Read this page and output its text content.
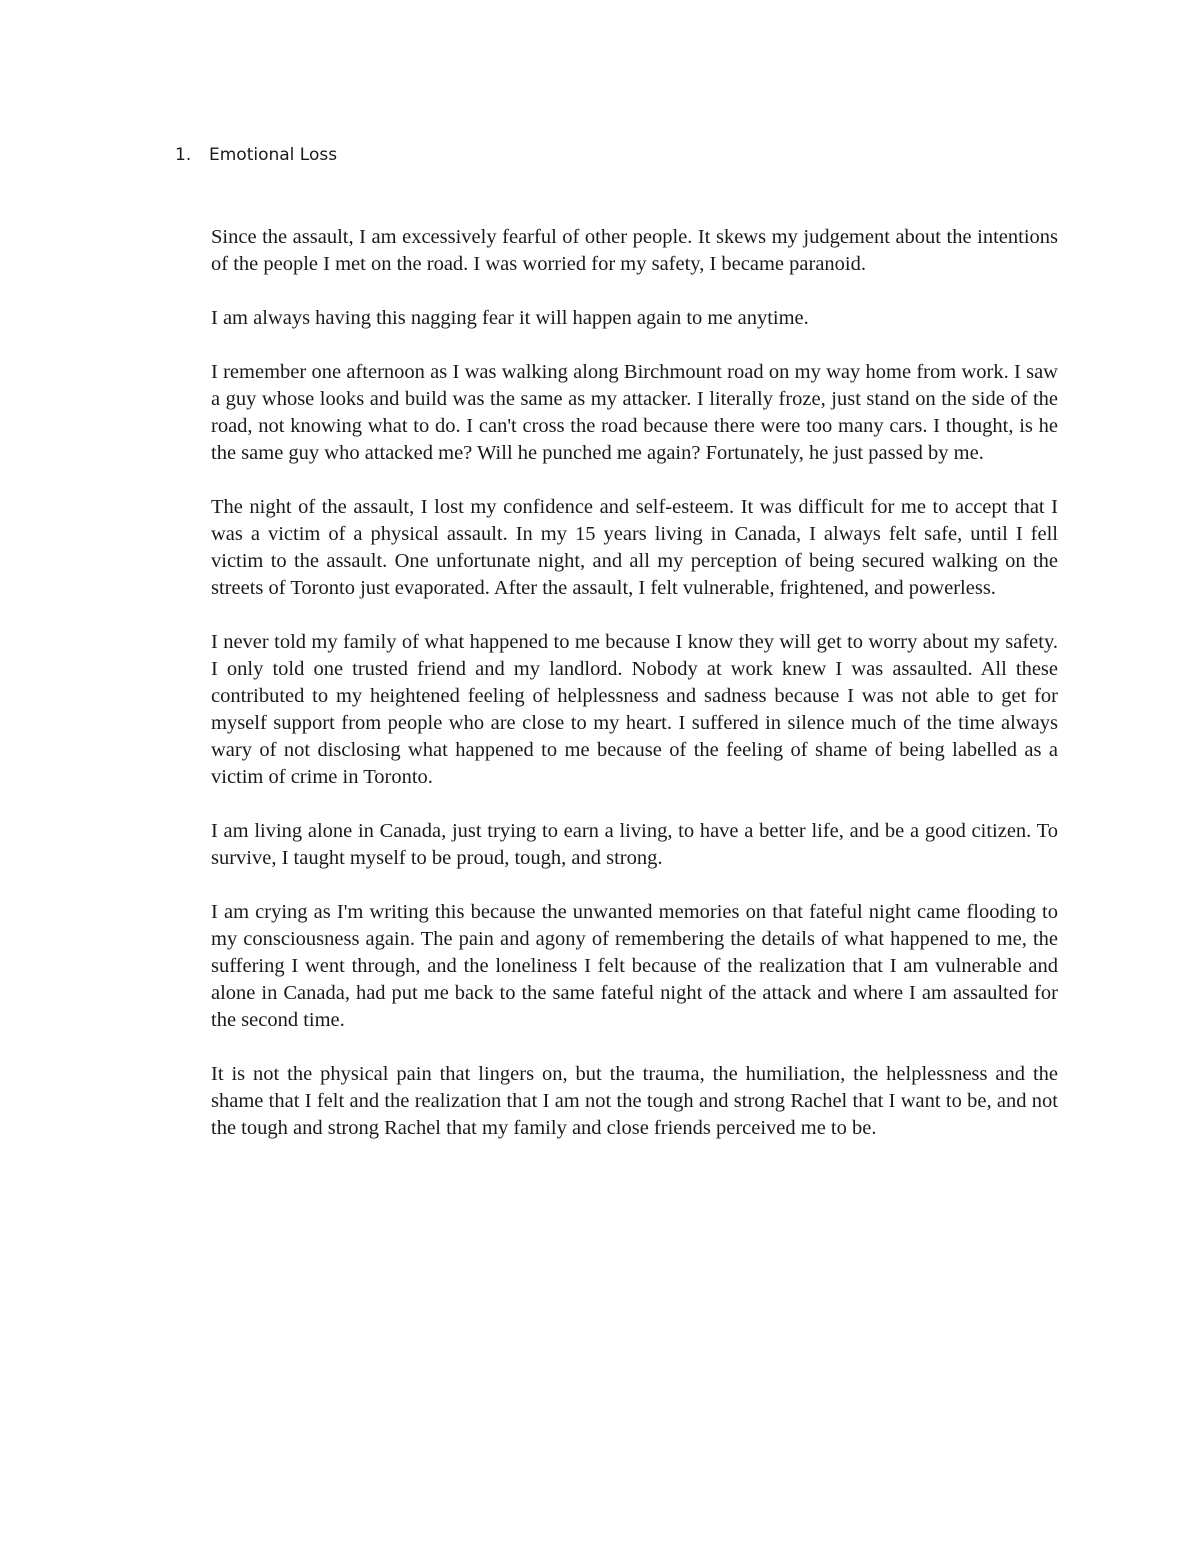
1. Emotional Loss

Since the assault, I am excessively fearful of other people. It skews my judgement about the intentions of the people I met on the road. I was worried for my safety, I became paranoid.

I am always having this nagging fear it will happen again to me anytime.

I remember one afternoon as I was walking along Birchmount road on my way home from work. I saw a guy whose looks and build was the same as my attacker. I literally froze, just stand on the side of the road, not knowing what to do. I can't cross the road because there were too many cars. I thought, is he the same guy who attacked me? Will he punched me again? Fortunately, he just passed by me.

The night of the assault, I lost my confidence and self-esteem. It was difficult for me to accept that I was a victim of a physical assault. In my 15 years living in Canada, I always felt safe, until I fell victim to the assault. One unfortunate night, and all my perception of being secured walking on the streets of Toronto just evaporated. After the assault, I felt vulnerable, frightened, and powerless.

I never told my family of what happened to me because I know they will get to worry about my safety. I only told one trusted friend and my landlord. Nobody at work knew I was assaulted. All these contributed to my heightened feeling of helplessness and sadness because I was not able to get for myself support from people who are close to my heart. I suffered in silence much of the time always wary of not disclosing what happened to me because of the feeling of shame of being labelled as a victim of crime in Toronto.

I am living alone in Canada, just trying to earn a living, to have a better life, and be a good citizen. To survive, I taught myself to be proud, tough, and strong.

I am crying as I'm writing this because the unwanted memories on that fateful night came flooding to my consciousness again. The pain and agony of remembering the details of what happened to me, the suffering I went through, and the loneliness I felt because of the realization that I am vulnerable and alone in Canada, had put me back to the same fateful night of the attack and where I am assaulted for the second time.

It is not the physical pain that lingers on, but the trauma, the humiliation, the helplessness and the shame that I felt and the realization that I am not the tough and strong Rachel that I want to be, and not the tough and strong Rachel that my family and close friends perceived me to be.
